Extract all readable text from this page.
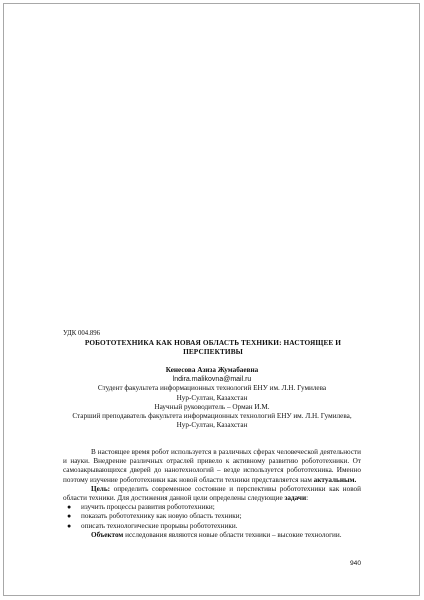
УДК 004.896
РОБОТОТЕХНИКА КАК НОВАЯ ОБЛАСТЬ ТЕХНИКИ: НАСТОЯЩЕЕ И ПЕРСПЕКТИВЫ
Кенесова Азиза Жумабаевна
lndira.malikovna@mail.ru
Студент факультета информационных технологий ЕНУ им. Л.Н. Гумилева
Нур-Султан, Казахстан
Научный руководитель – Орман И.М.
Старший преподаватель факультета информационных технологий ЕНУ им. Л.Н. Гумилева,
Нур-Султан, Казахстан

В настоящее время робот используется в различных сферах человеческой деятельности и науки. Внедрение различных отраслей привело к активному развитию робототехники. От самозакрывающихся дверей до нанотехнологий – везде используется робототехника. Именно поэтому изучение робототехники как новой области техники представляется нам актуальным.

Цель: определить современное состояние и перспективы робототехники как новой области техники. Для достижения данной цели определены следующие задачи:

● изучить процессы развития робототехники;
● показать робототехнику как новую область техники;
● описать технологические прорывы робототехники.

Объектом исследования являются новые области техники – высокие технологии.

940
